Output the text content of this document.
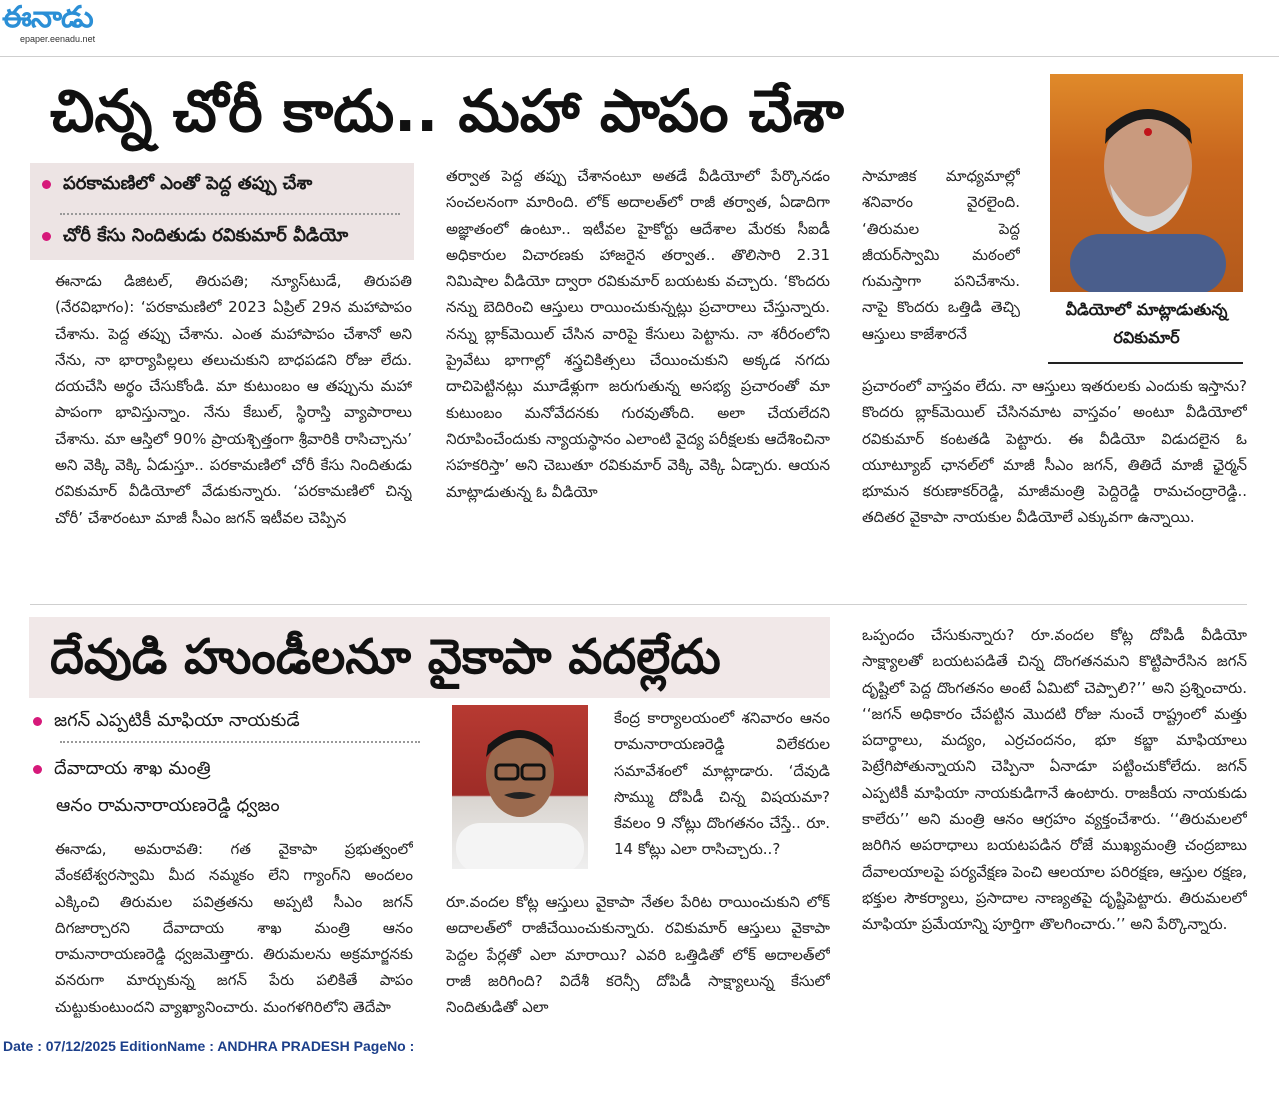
ఈనాడు
epaper.eenadu.net
చిన్న చోరీ కాదు.. మహా పాపం చేశా
పరకామణిలో ఎంతో పెద్ద తప్పు చేశా
చోరీ కేసు నిందితుడు రవికుమార్ వీడియో

ఈనాడు డిజిటల్, తిరుపతి; న్యూస్‌టుడే, తిరుపతి (నేరవిభాగం): ‘పరకామణిలో 2023 ఏప్రిల్ 29న మహాపాపం చేశాను. పెద్ద తప్పు చేశాను. ఎంత మహాపాపం చేశానో అని నేను, నా భార్యాపిల్లలు తలుచుకుని బాధపడని రోజు లేదు. దయచేసి అర్థం చేసుకోండి. మా కుటుంబం ఆ తప్పును మహా పాపంగా భావిస్తున్నాం. నేను కేబుల్, స్థిరాస్తి వ్యాపారాలు చేశాను. మా ఆస్తిలో 90% ప్రాయశ్చిత్తంగా శ్రీవారికి రాసిచ్చాను’ అని వెక్కి వెక్కి ఏడుస్తూ.. పరకామణిలో చోరీ కేసు నిందితుడు రవికుమార్ వీడియోలో వేడుకున్నారు. ‘పరకామణిలో చిన్న చోరీ’ చేశారంటూ మాజీ సీఎం జగన్ ఇటీవల చెప్పిన

తర్వాత పెద్ద తప్పు చేశానంటూ అతడే వీడియోలో పేర్కొనడం సంచలనంగా మారింది. లోక్ అదాలత్‌లో రాజీ తర్వాత, ఏడాదిగా అజ్ఞాతంలో ఉంటూ.. ఇటీవల హైకోర్టు ఆదేశాల మేరకు సీఐడీ అధికారుల విచారణకు హాజరైన తర్వాత.. తొలిసారి 2.31 నిమిషాల వీడియో ద్వారా రవికుమార్ బయటకు వచ్చారు. ‘కొందరు నన్ను బెదిరించి ఆస్తులు రాయించుకున్నట్లు ప్రచారాలు చేస్తున్నారు. నన్ను బ్లాక్‌మెయిల్ చేసిన వారిపై కేసులు పెట్టాను. నా శరీరంలోని ప్రైవేటు భాగాల్లో శస్త్రచికిత్సలు చేయించుకుని అక్కడ నగదు దాచిపెట్టినట్లు మూడేళ్లుగా జరుగుతున్న అసభ్య ప్రచారంతో మా కుటుంబం మనోవేదనకు గురవుతోంది. అలా చేయలేదని నిరూపించేందుకు న్యాయస్థానం ఎలాంటి వైద్య పరీక్షలకు ఆదేశించినా సహకరిస్తా’ అని చెబుతూ రవికుమార్ వెక్కి వెక్కి ఏడ్చారు. ఆయన మాట్లాడుతున్న ఓ వీడియో

సామాజిక మాధ్యమాల్లో శనివారం వైరలైంది. ‘తిరుమల పెద్ద జీయర్‌స్వామి మఠంలో గుమస్తాగా పనిచేశాను. నాపై కొందరు ఒత్తిడి తెచ్చి ఆస్తులు కాజేశారనే

ప్రచారంలో వాస్తవం లేదు. నా ఆస్తులు ఇతరులకు ఎందుకు ఇస్తాను? కొందరు బ్లాక్‌మెయిల్ చేసినమాట వాస్తవం’ అంటూ వీడియోలో రవికుమార్ కంటతడి పెట్టారు. ఈ వీడియో విడుదలైన ఓ యూట్యూబ్ ఛానల్‌లో మాజీ సీఎం జగన్, తితిదే మాజీ ఛైర్మన్ భూమన కరుణాకర్‌రెడ్డి, మాజీమంత్రి పెద్దిరెడ్డి రామచంద్రారెడ్డి.. తదితర వైకాపా నాయకుల వీడియోలే ఎక్కువగా ఉన్నాయి.

వీడియోలో మాట్లాడుతున్న రవికుమార్
దేవుడి హుండీలనూ వైకాపా వదల్లేదు
జగన్ ఎప్పటికీ మాఫియా నాయకుడే
దేవాదాయ శాఖ మంత్రి
ఆనం రామనారాయణరెడ్డి ధ్వజం

ఈనాడు, అమరావతి: గత వైకాపా ప్రభుత్వంలో వేంకటేశ్వరస్వామి మీద నమ్మకం లేని గ్యాంగ్‌ని అందలం ఎక్కించి తిరుమల పవిత్రతను అప్పటి సీఎం జగన్ దిగజార్చారని దేవాదాయ శాఖ మంత్రి ఆనం రామనారాయణరెడ్డి ధ్వజమెత్తారు. తిరుమలను అక్రమార్జనకు వనరుగా మార్చుకున్న జగన్ పేరు పలికితే పాపం చుట్టుకుంటుందని వ్యాఖ్యానించారు. మంగళగిరిలోని తెదేపా

కేంద్ర కార్యాలయంలో శనివారం ఆనం రామనారాయణరెడ్డి విలేకరుల సమావేశంలో మాట్లాడారు. ‘దేవుడి సొమ్ము దోపిడీ చిన్న విషయమా? కేవలం 9 నోట్లు దొంగతనం చేస్తే.. రూ. 14 కోట్లు ఎలా రాసిచ్చారు..?

రూ.వందల కోట్ల ఆస్తులు వైకాపా నేతల పేరిట రాయించుకుని లోక్ అదాలత్‌లో రాజీచేయించుకున్నారు. రవికుమార్ ఆస్తులు వైకాపా పెద్దల పేర్లతో ఎలా మారాయి? ఎవరి ఒత్తిడితో లోక్ అదాలత్‌లో రాజీ జరిగింది? విదేశీ కరెన్సీ దోపిడీ సాక్ష్యాలున్న కేసులో నిందితుడితో ఎలా

ఒప్పందం చేసుకున్నారు? రూ.వందల కోట్ల దోపిడీ వీడియో సాక్ష్యాలతో బయటపడితే చిన్న దొంగతనమని కొట్టిపారేసిన జగన్ దృష్టిలో పెద్ద దొంగతనం అంటే ఏమిటో చెప్పాలి?’’ అని ప్రశ్నించారు. ‘‘జగన్ అధికారం చేపట్టిన మొదటి రోజు నుంచే రాష్ట్రంలో మత్తు పదార్థాలు, మద్యం, ఎర్రచందనం, భూ కబ్జా మాఫియాలు పెట్రేగిపోతున్నాయని చెప్పినా ఏనాడూ పట్టించుకోలేదు. జగన్ ఎప్పటికీ మాఫియా నాయకుడిగానే ఉంటారు. రాజకీయ నాయకుడు కాలేరు’’ అని మంత్రి ఆనం ఆగ్రహం వ్యక్తంచేశారు. ‘‘తిరుమలలో జరిగిన అపరాధాలు బయటపడిన రోజే ముఖ్యమంత్రి చంద్రబాబు దేవాలయాలపై పర్యవేక్షణ పెంచి ఆలయాల పరిరక్షణ, ఆస్తుల రక్షణ, భక్తుల సౌకర్యాలు, ప్రసాదాల నాణ్యతపై దృష్టిపెట్టారు. తిరుమలలో మాఫియా ప్రమేయాన్ని పూర్తిగా తొలగించారు.’’ అని పేర్కొన్నారు.

Date : 07/12/2025 EditionName : ANDHRA PRADESH PageNo :
